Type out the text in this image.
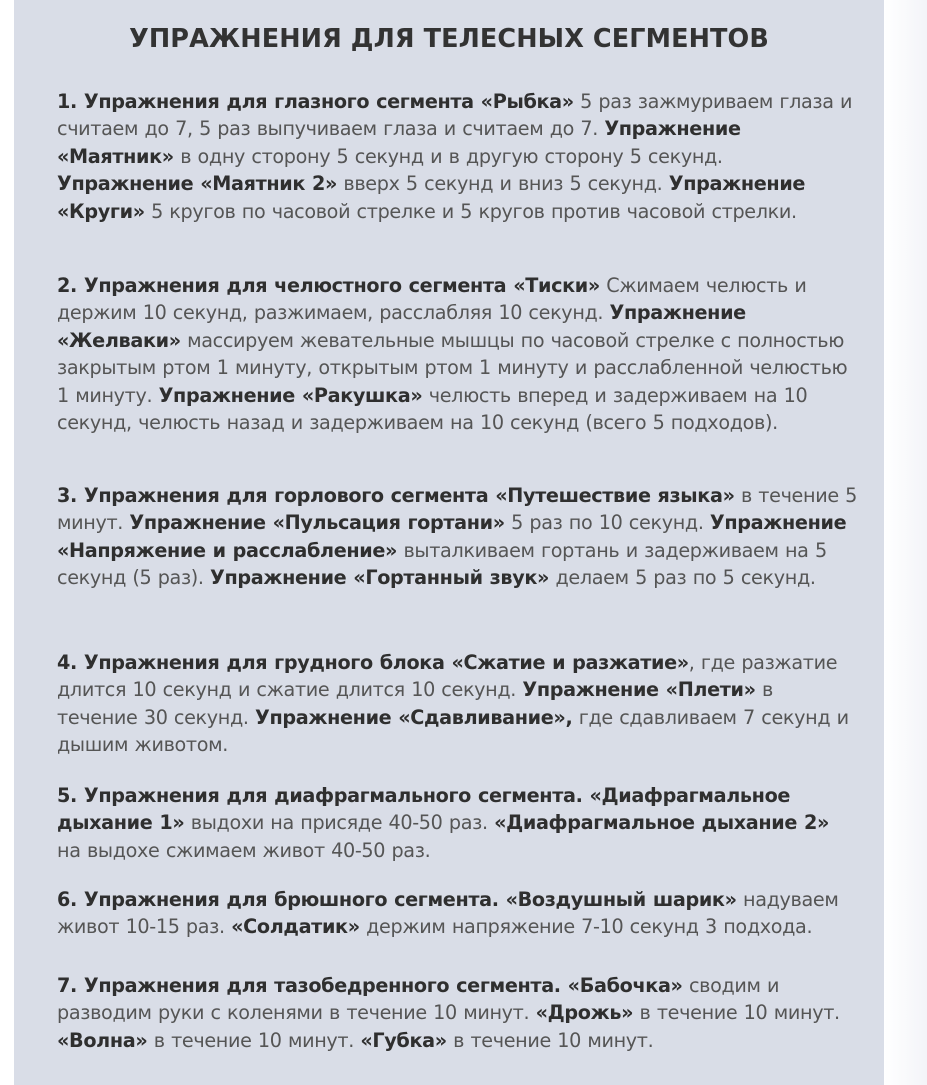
УПРАЖНЕНИЯ ДЛЯ ТЕЛЕСНЫХ СЕГМЕНТОВ

1. Упражнения для глазного сегмента «Рыбка» 5 раз зажмуриваем глаза и считаем до 7, 5 раз выпучиваем глаза и считаем до 7. Упражнение «Маятник» в одну сторону 5 секунд и в другую сторону 5 секунд. Упражнение «Маятник 2» вверх 5 секунд и вниз 5 секунд. Упражнение «Круги» 5 кругов по часовой стрелке и 5 кругов против часовой стрелки.

2. Упражнения для челюстного сегмента «Тиски» Сжимаем челюсть и держим 10 секунд, разжимаем, расслабляя 10 секунд. Упражнение «Желваки» массируем жевательные мышцы по часовой стрелке с полностью закрытым ртом 1 минуту, открытым ртом 1 минуту и расслабленной челюстью 1 минуту. Упражнение «Ракушка» челюсть вперед и задерживаем на 10 секунд, челюсть назад и задерживаем на 10 секунд (всего 5 подходов).

3. Упражнения для горлового сегмента «Путешествие языка» в течение 5 минут. Упражнение «Пульсация гортани» 5 раз по 10 секунд. Упражнение «Напряжение и расслабление» выталкиваем гортань и задерживаем на 5 секунд (5 раз). Упражнение «Гортанный звук» делаем 5 раз по 5 секунд.

4. Упражнения для грудного блока «Сжатие и разжатие», где разжатие длится 10 секунд и сжатие длится 10 секунд. Упражнение «Плети» в течение 30 секунд. Упражнение «Сдавливание», где сдавливаем 7 секунд и дышим животом.

5. Упражнения для диафрагмального сегмента. «Диафрагмальное дыхание 1» выдохи на присяде 40-50 раз. «Диафрагмальное дыхание 2» на выдохе сжимаем живот 40-50 раз.

6. Упражнения для брюшного сегмента. «Воздушный шарик» надуваем живот 10-15 раз. «Солдатик» держим напряжение 7-10 секунд 3 подхода.

7. Упражнения для тазобедренного сегмента. «Бабочка» сводим и разводим руки с коленями в течение 10 минут. «Дрожь» в течение 10 минут. «Волна» в течение 10 минут. «Губка» в течение 10 минут.
